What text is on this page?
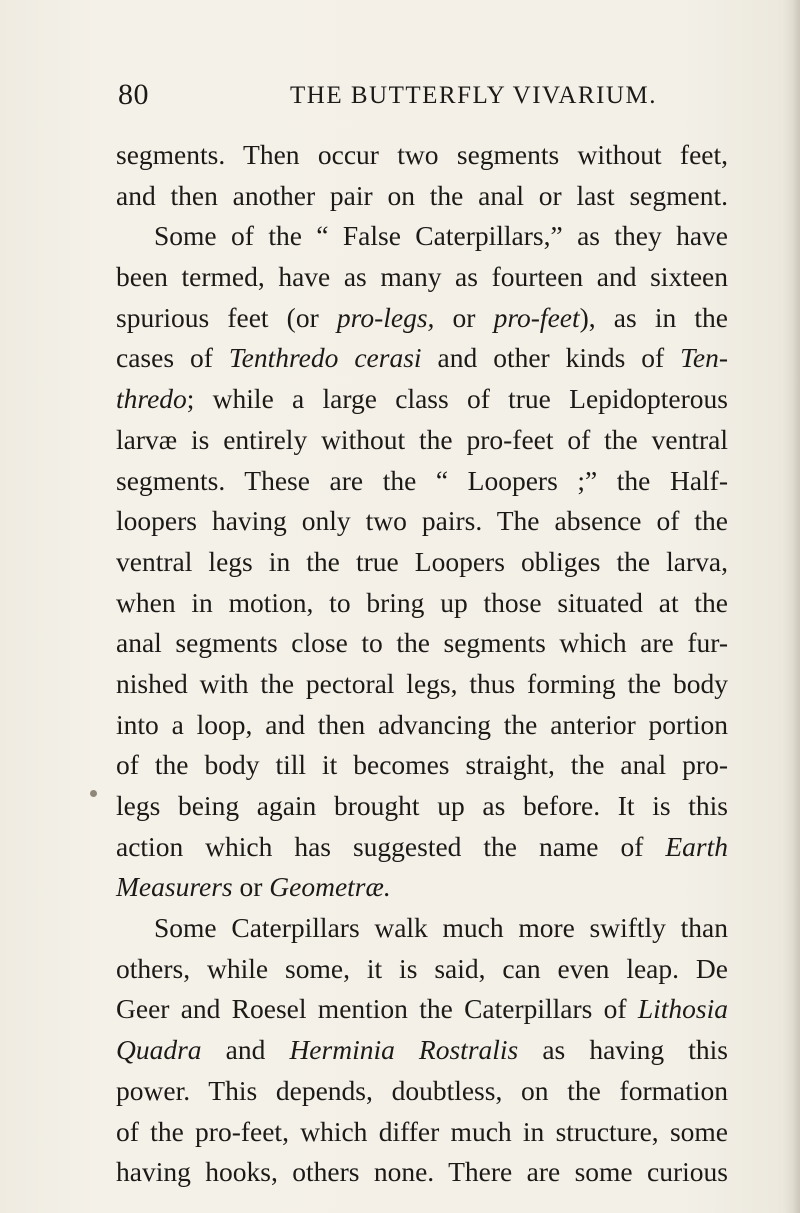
80	THE BUTTERFLY VIVARIUM.
segments. Then occur two segments without feet,
and then another pair on the anal or last segment.
Some of the “ False Caterpillars,” as they have
been termed, have as many as fourteen and sixteen
spurious feet (or pro-legs, or pro-feet), as in the
cases of Tenthredo cerasi and other kinds of Ten-
thredo; while a large class of true Lepidopterous
larvæ is entirely without the pro-feet of the ventral
segments. These are the “ Loopers ;” the Half-
loopers having only two pairs. The absence of the
ventral legs in the true Loopers obliges the larva,
when in motion, to bring up those situated at the
anal segments close to the segments which are fur-
nished with the pectoral legs, thus forming the body
into a loop, and then advancing the anterior portion
of the body till it becomes straight, the anal pro-
legs being again brought up as before. It is this
action which has suggested the name of Earth
Measurers or Geometræ.
Some Caterpillars walk much more swiftly than
others, while some, it is said, can even leap. De
Geer and Roesel mention the Caterpillars of Lithosia
Quadra and Herminia Rostralis as having this
power. This depends, doubtless, on the formation
of the pro-feet, which differ much in structure, some
having hooks, others none. There are some curious
